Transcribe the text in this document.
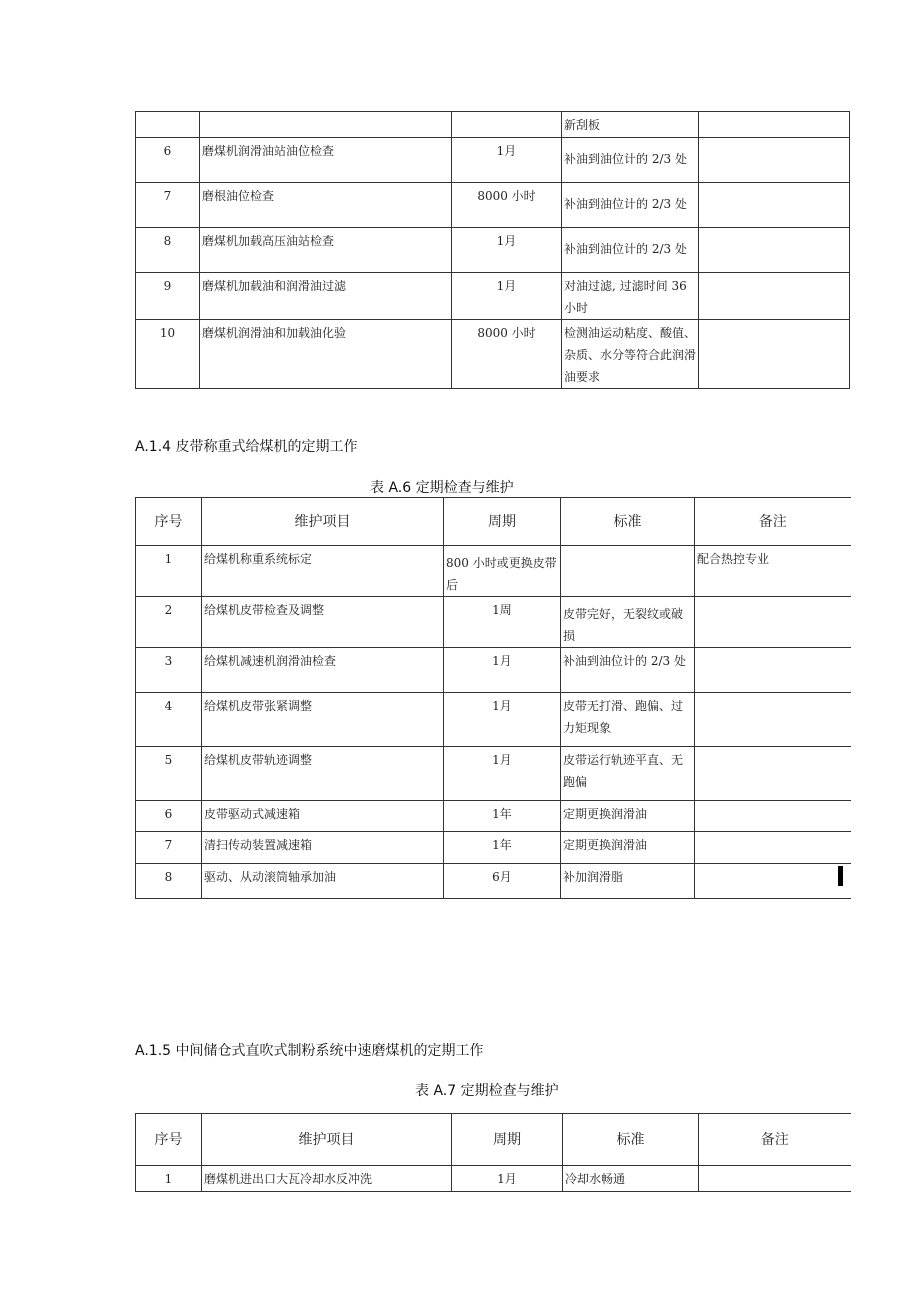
			新刮板	
6	磨煤机润滑油站油位检查	1月	补油到油位计的 2/3 处	
7	磨根油位检查	8000 小时	补油到油位计的 2/3 处	
8	磨煤机加载高压油站检查	1月	补油到油位计的 2/3 处	
9	磨煤机加载油和润滑油过滤	1月	对油过滤, 过滤时间 36 小时	
10	磨煤机润滑油和加载油化验	8000 小时	检测油运动粘度、酸值、杂质、水分等符合此润滑油要求	
A.1.4 皮带称重式给煤机的定期工作
表 A.6 定期检查与维护
序号	维护项目	周期	标准	备注
1	给煤机称重系统标定	800 小时或更换皮带后		配合热控专业
2	给煤机皮带检查及调整	1周	皮带完好，无裂纹或破损	
3	给煤机减速机润滑油检查	1月	补油到油位计的 2/3 处	
4	给煤机皮带张紧调整	1月	皮带无打滑、跑偏、过力矩现象	
5	给煤机皮带轨迹调整	1月	皮带运行轨迹平直、无跑偏	
6	皮带驱动式减速箱	1年	定期更换润滑油	
7	清扫传动装置减速箱	1年	定期更换润滑油	
8	驱动、从动滚筒轴承加油	6月	补加润滑脂	
A.1.5 中间储仓式直吹式制粉系统中速磨煤机的定期工作
表 A.7 定期检查与维护
序号	维护项目	周期	标准	备注
1	磨煤机进出口大瓦冷却水反冲洗	1月	冷却水畅通	
